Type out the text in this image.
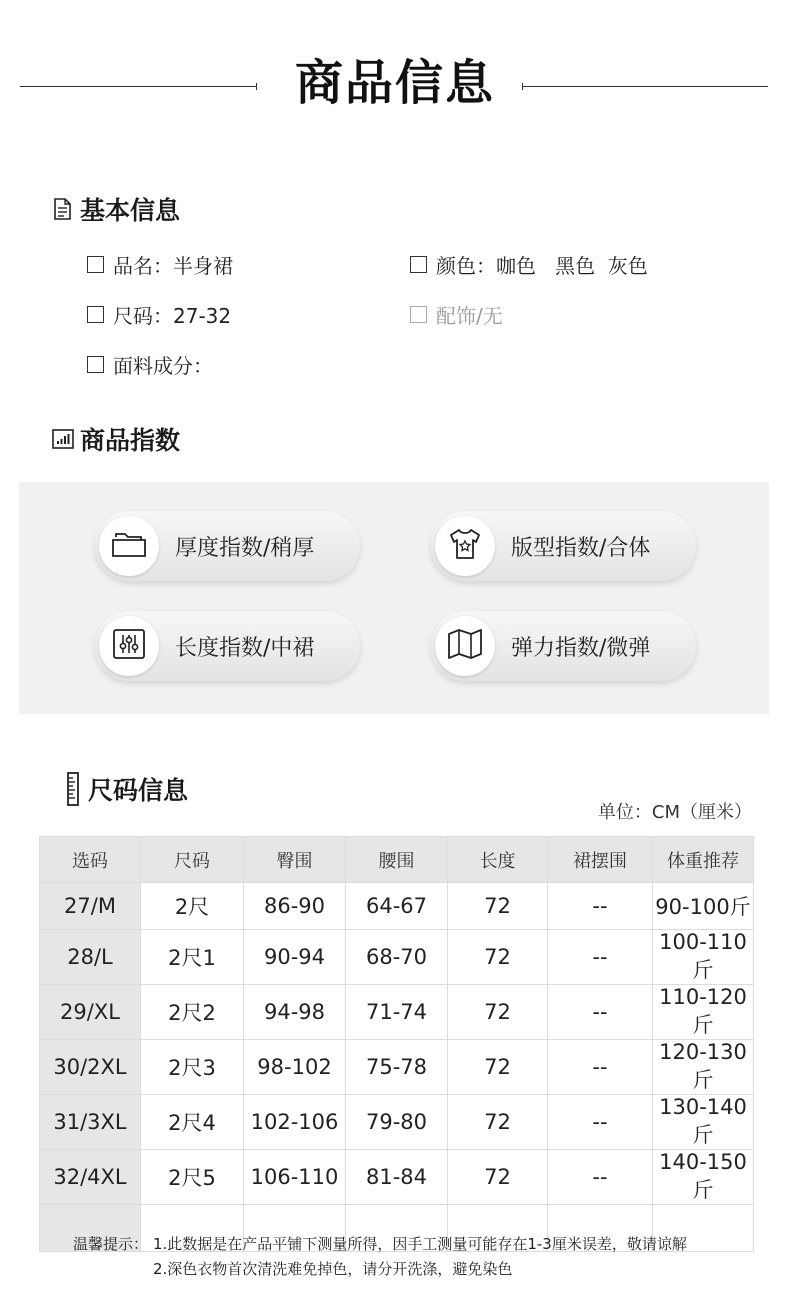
商品信息
基本信息
品名：半身裙	颜色：咖色   黑色  灰色
尺码：27-32	配饰/无
面料成分：
商品指数
厚度指数/稍厚	版型指数/合体
长度指数/中裙	弹力指数/微弹
尺码信息
单位：CM（厘米）
选码	尺码	臀围	腰围	长度	裙摆围	体重推荐
27/M	2尺	86-90	64-67	72	--	90-100斤
28/L	2尺1	90-94	68-70	72	--	100-110斤
29/XL	2尺2	94-98	71-74	72	--	110-120斤
30/2XL	2尺3	98-102	75-78	72	--	120-130斤
31/3XL	2尺4	102-106	79-80	72	--	130-140斤
32/4XL	2尺5	106-110	81-84	72	--	140-150斤

温馨提示： 1.此数据是在产品平铺下测量所得，因手工测量可能存在1-3厘米误差，敬请谅解
2.深色衣物首次清洗难免掉色，请分开洗涤，避免染色
